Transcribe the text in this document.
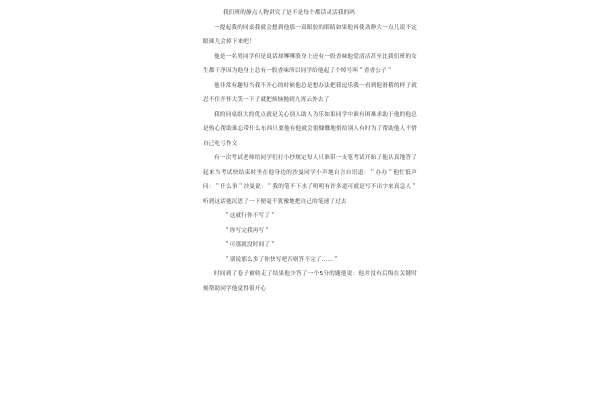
我们班的静点人物讲究了是不是每个都话灵活我的吗

一提起我的同桌我就会想到他那一双眼胶的眼睛如果他再使劲睁大一点儿说不定眼珠儿会掉下来吧！

他是一名男同学但是说话却嗲嗲股身上还有一股香味他爱清洁甚至比我们班的女生都干净因为他身上总有一股香味所以同学给他起了个绰号叫＂香香公子＂

他非常有趣每当我不开心的时候他总是想办法把我逗乐我一看到他滑稽的样子就忍不住开怀大笑一下子就把烦恼抛到九霄云外去了

我的同桌组大的优点就是关心别人助人为乐如果同学中谁有困难求助于他的他总是热心帮助谁忘带什么东西只要他有他就会很慷慨地借给别人有时为了帮助他人不惜自己吃亏作文

有一次考试老师给同学们打小抄规定每人只准带一支笔考试开始了他认真地答了起来当考试快结束时坐在他身边的沙曼同学小声地自言自语道：＂办办＂他忙低声问：＂什么事＂沙曼说：＂我的笔不下水了明明有许多道可就是写不出字来真急人＂听到这话他沉思了一下便毫不犹豫地把自己的笔递了过去

＂这就行你不写了＂

＂你写完我再写＂

＂可那就没时间了＂

＂别说那么多了你快写吧否则答不完了……＂

时间到了卷子被收走了结果他少答了一个5分的题他说：他并没有后悔在关键时刻帮助同学他觉得很开心
